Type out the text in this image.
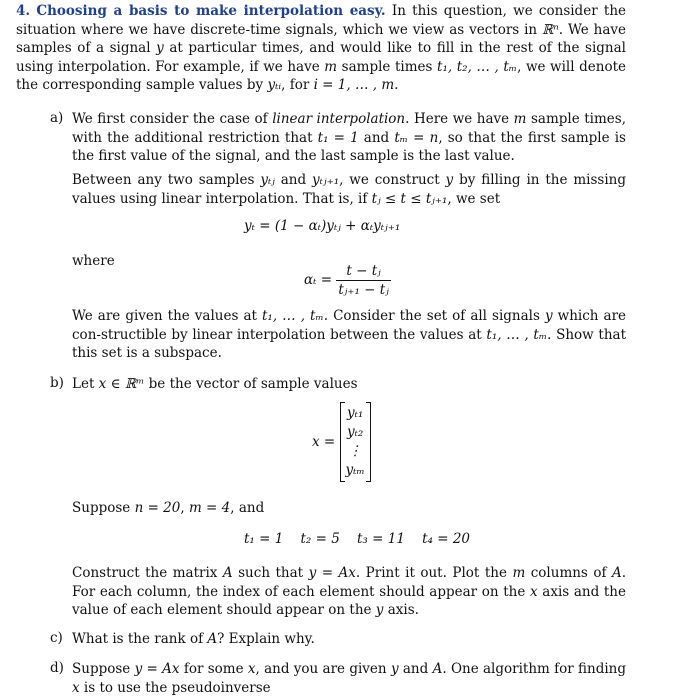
4. Choosing a basis to make interpolation easy. In this question, we consider the situation where we have discrete-time signals, which we view as vectors in ℝⁿ. We have samples of a signal y at particular times, and would like to fill in the rest of the signal using interpolation. For example, if we have m sample times t₁, t₂, … , tₘ, we will denote the corresponding sample values by yₜᵢ, for i = 1, … , m.

a) We first consider the case of linear interpolation. Here we have m sample times, with the additional restriction that t₁ = 1 and tₘ = n, so that the first sample is the first value of the signal, and the last sample is the last value.

Between any two samples yₜⱼ and yₜⱼ₊₁, we construct y by filling in the missing values using linear interpolation. That is, if tⱼ ≤ t ≤ tⱼ₊₁, we set

yₜ = (1 − αₜ)yₜⱼ + αₜyₜⱼ₊₁
where
$\alpha_t = \frac{\text{t − tⱼ}}{\text{tⱼ₊₁ − tⱼ}}$

We are given the values at t₁, … , tₘ. Consider the set of all signals y which are con-structible by linear interpolation between the values at t₁, … , tₘ. Show that this set is a subspace.

b) Let x ∈ ℝᵐ be the vector of sample values

x =
yₜ₁
yₜ₂
⋮
yₜₘ

Suppose n = 20, m = 4, and

t₁ = 1 t₂ = 5 t₃ = 11 t₄ = 20

Construct the matrix A such that y = Ax. Print it out. Plot the m columns of A. For each column, the index of each element should appear on the x axis and the value of each element should appear on the y axis.

c) What is the rank of A? Explain why.

d) Suppose y = Ax for some x, and you are given y and A. One algorithm for finding x is to use the pseudoinverse
